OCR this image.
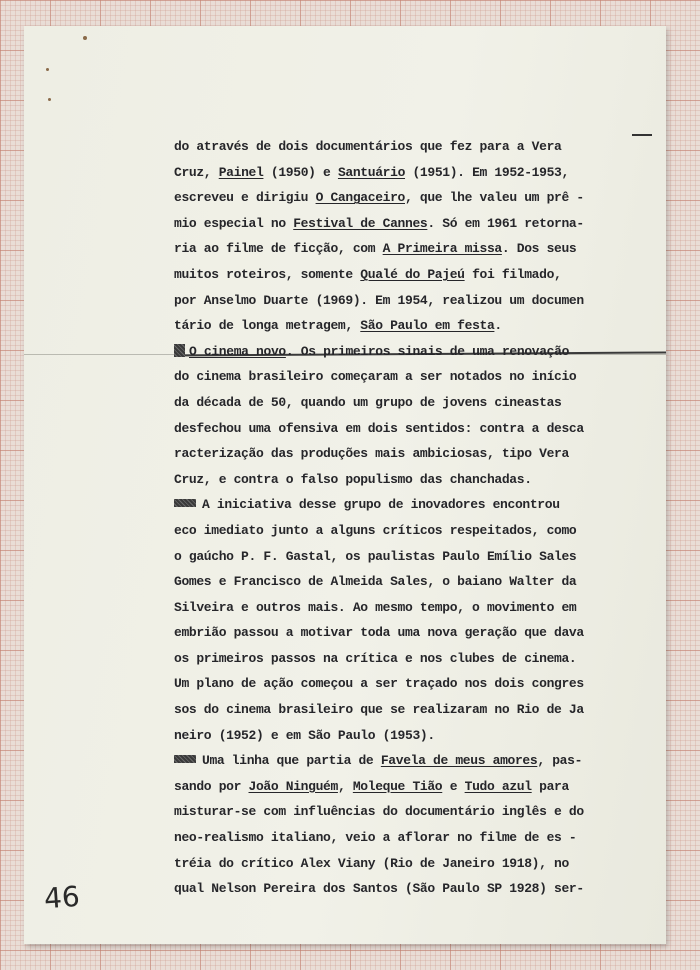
do através de dois documentários que fez para a Vera
Cruz, Painel (1950) e Santuário (1951). Em 1952-1953,
escreveu e dirigiu O Cangaceiro, que lhe valeu um prê -
mio especial no Festival de Cannes. Só em 1961 retorna-
ria ao filme de ficção, com A Primeira missa. Dos seus
muitos roteiros, somente Qualé do Pajeú foi filmado,
por Anselmo Duarte (1969). Em 1954, realizou um documen
tário de longa metragem, São Paulo em festa.
O cinema novo. Os primeiros sinais de uma renovação
do cinema brasileiro começaram a ser notados no início
da década de 50, quando um grupo de jovens cineastas
desfechou uma ofensiva em dois sentidos: contra a desca
racterização das produções mais ambiciosas, tipo Vera
Cruz, e contra o falso populismo das chanchadas.
A iniciativa desse grupo de inovadores encontrou
eco imediato junto a alguns críticos respeitados, como
o gaúcho P. F. Gastal, os paulistas Paulo Emílio Sales
Gomes e Francisco de Almeida Sales, o baiano Walter da
Silveira e outros mais. Ao mesmo tempo, o movimento em
embrião passou a motivar toda uma nova geração que dava
os primeiros passos na crítica e nos clubes de cinema.
Um plano de ação começou a ser traçado nos dois congres
sos do cinema brasileiro que se realizaram no Rio de Ja
neiro (1952) e em São Paulo (1953).
Uma linha que partia de Favela de meus amores, pas-
sando por João Ninguém, Moleque Tião e Tudo azul para
misturar-se com influências do documentário inglês e do
neo-realismo italiano, veio a aflorar no filme de es -
tréia do crítico Alex Viany (Rio de Janeiro 1918), no
qual Nelson Pereira dos Santos (São Paulo SP 1928) ser-
46
